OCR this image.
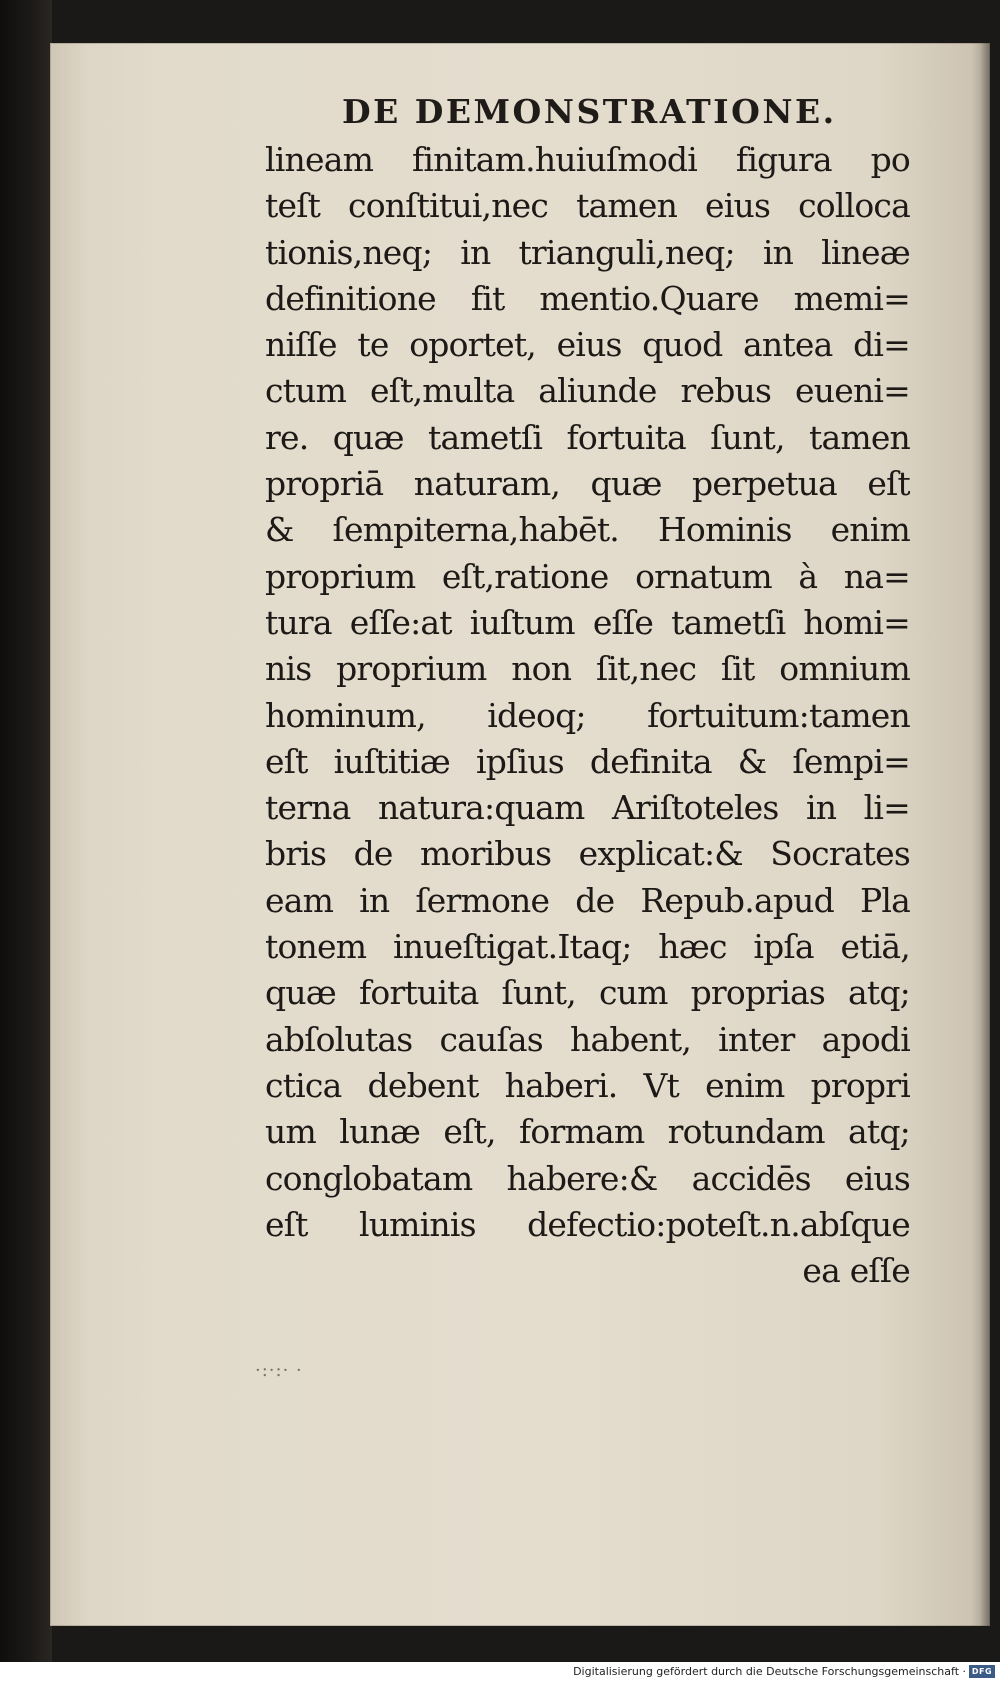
DE DEMONSTRATIONE.
lineam finitam.huiuſmodi figura po
teſt conſtitui,nec tamen eius colloca
tionis,neq; in trianguli,neq; in lineæ
definitione fit mentio.Quare memi=
niſſe te oportet, eius quod antea di=
ctum eſt,multa aliunde rebus eueni=
re. quæ tametſi fortuita ſunt, tamen
propriā naturam, quæ perpetua eſt
& ſempiterna,habēt. Hominis enim
proprium eſt,ratione ornatum à na=
tura eſſe:at iuſtum eſſe tametſi homi=
nis proprium non ſit,nec ſit omnium
hominum, ideoq; fortuitum:tamen
eſt iuſtitiæ ipſius definita & ſempi=
terna natura:quam Ariſtoteles in li=
bris de moribus explicat:& Socrates
eam in ſermone de Repub.apud Pla
tonem inueſtigat.Itaq; hæc ipſa etiā,
quæ fortuita ſunt, cum proprias atq;
abſolutas cauſas habent, inter apodi
ctica debent haberi. Vt enim propri
um lunæ eſt, formam rotundam atq;
conglobatam habere:& accidēs eius
eſt luminis defectio:poteſt.n.abſque
ea eſſe
·:·:· ·
Digitalisierung gefördert durch die Deutsche Forschungsgemeinschaft · DFG
